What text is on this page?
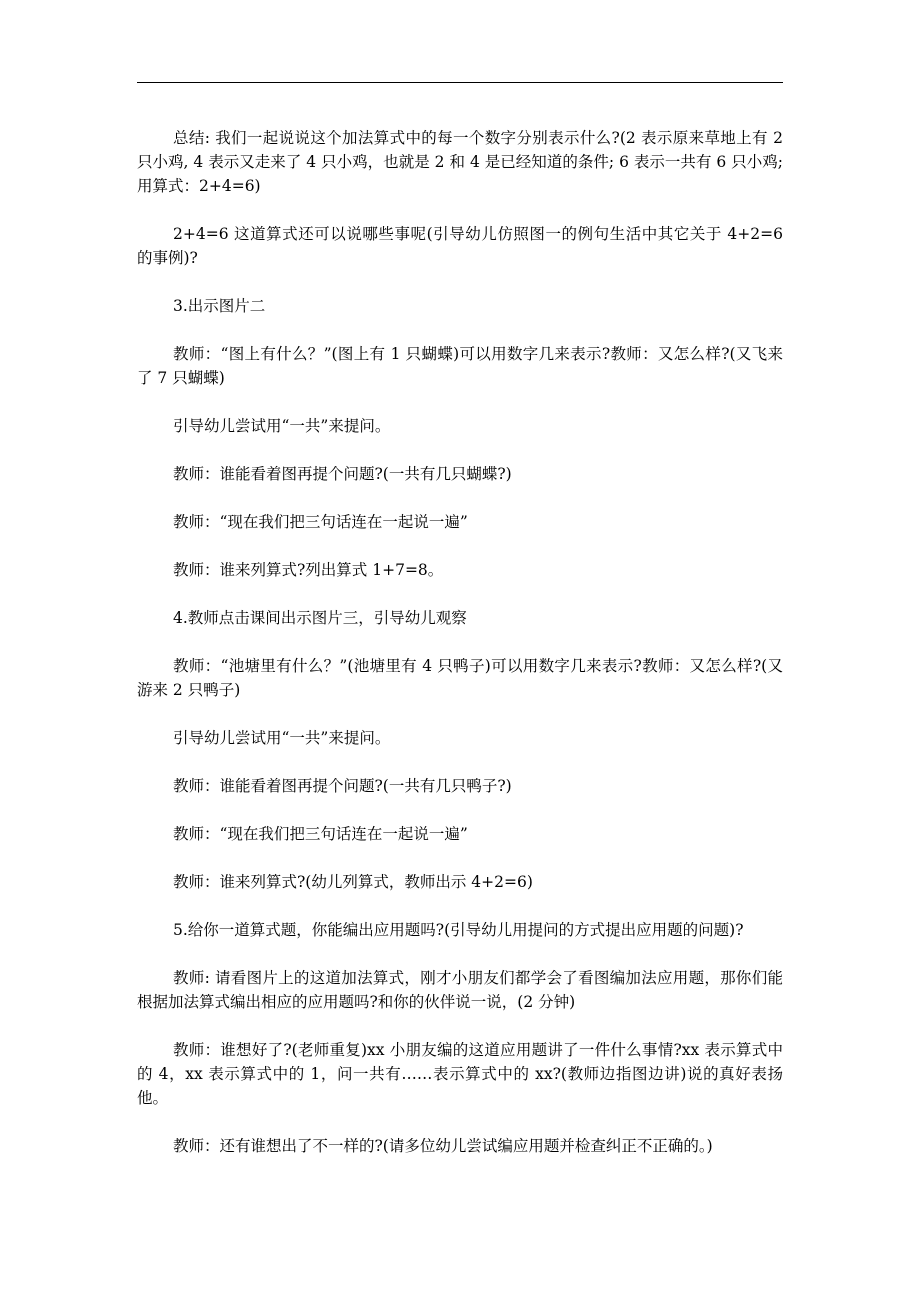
总结: 我们一起说说这个加法算式中的每一个数字分别表示什么?(2 表示原来草地上有 2 只小鸡, 4 表示又走来了 4 只小鸡，也就是 2 和 4 是已经知道的条件; 6 表示一共有 6 只小鸡; 用算式：2+4=6)

2+4=6 这道算式还可以说哪些事呢(引导幼儿仿照图一的例句生活中其它关于 4+2=6 的事例)?

3.出示图片二

教师：“图上有什么？”(图上有 1 只蝴蝶)可以用数字几来表示?教师：又怎么样?(又飞来了 7 只蝴蝶)

引导幼儿尝试用“一共”来提问。

教师：谁能看着图再提个问题?(一共有几只蝴蝶?)

教师：“现在我们把三句话连在一起说一遍”

教师：谁来列算式?列出算式 1+7=8。

4.教师点击课间出示图片三，引导幼儿观察

教师：“池塘里有什么？”(池塘里有 4 只鸭子)可以用数字几来表示?教师：又怎么样?(又游来 2 只鸭子)

引导幼儿尝试用“一共”来提问。

教师：谁能看着图再提个问题?(一共有几只鸭子?)

教师：“现在我们把三句话连在一起说一遍”

教师：谁来列算式?(幼儿列算式，教师出示 4+2=6)

5.给你一道算式题，你能编出应用题吗?(引导幼儿用提问的方式提出应用题的问题)?

教师: 请看图片上的这道加法算式，刚才小朋友们都学会了看图编加法应用题，那你们能根据加法算式编出相应的应用题吗?和你的伙伴说一说，(2 分钟)

教师：谁想好了?(老师重复)xx 小朋友编的这道应用题讲了一件什么事情?xx 表示算式中的 4，xx 表示算式中的 1，问一共有……表示算式中的 xx?(教师边指图边讲)说的真好表扬他。

教师：还有谁想出了不一样的?(请多位幼儿尝试编应用题并检查纠正不正确的。)
